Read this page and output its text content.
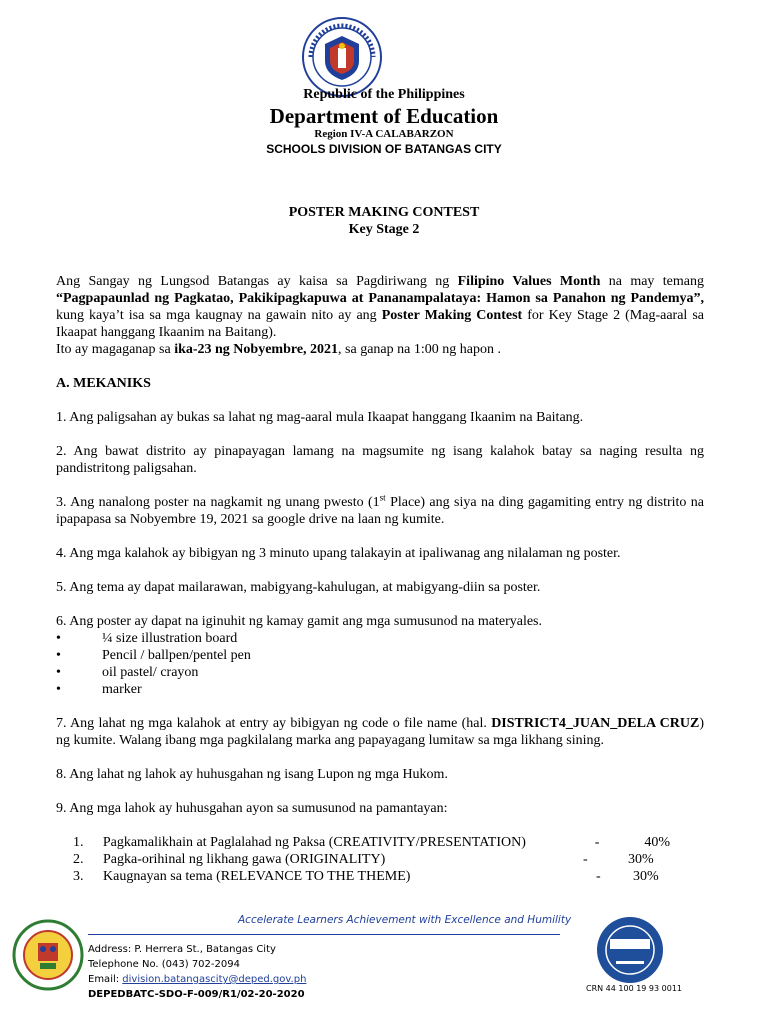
Republic of the Philippines
Department of Education
Region IV-A CALABARZON
SCHOOLS DIVISION OF BATANGAS CITY
POSTER MAKING CONTEST
Key Stage 2

Ang Sangay ng Lungsod Batangas ay kaisa sa Pagdiriwang ng Filipino Values Month na may temang “Pagpapaunlad ng Pagkatao, Pakikipagkapuwa at Pananampalataya: Hamon sa Panahon ng Pandemya”, kung kaya’t isa sa mga kaugnay na gawain nito ay ang Poster Making Contest for Key Stage 2 (Mag-aaral sa Ikaapat hanggang Ikaanim na Baitang).

Ito ay magaganap sa ika-23 ng Nobyembre, 2021, sa ganap na 1:00 ng hapon .

A. MEKANIKS

1. Ang paligsahan ay bukas sa lahat ng mag-aaral mula Ikaapat hanggang Ikaanim na Baitang.

2. Ang bawat distrito ay pinapayagan lamang na magsumite ng isang kalahok batay sa naging resulta ng pandistritong paligsahan.

3. Ang nanalong poster na nagkamit ng unang pwesto (1st Place) ang siya na ding gagamiting entry ng distrito na ipapapasa sa Nobyembre 19, 2021 sa google drive na laan ng kumite.

4. Ang mga kalahok ay bibigyan ng 3 minuto upang talakayin at ipaliwanag ang nilalaman ng poster.

5. Ang tema ay dapat mailarawan, mabigyang-kahulugan, at mabigyang-diin sa poster.

6. Ang poster ay dapat na iginuhit ng kamay gamit ang mga sumusunod na materyales.

•	¼ size illustration board
•	Pencil / ballpen/pentel pen
•	oil pastel/ crayon
•	marker

7. Ang lahat ng mga kalahok at entry ay bibigyan ng code o file name (hal. DISTRICT4_JUAN_DELA CRUZ) ng kumite. Walang ibang mga pagkilalang marka ang papayagang lumitaw sa mga likhang sining.

8. Ang lahat ng lahok ay huhusgahan ng isang Lupon ng mga Hukom.

9. Ang mga lahok ay huhusgahan ayon sa sumusunod na pamantayan:

1.	Pagkamalikhain at Paglalahad ng Paksa (CREATIVITY/PRESENTATION)	-	40%
2.	Pagka-orihinal ng likhang gawa (ORIGINALITY)	-	30%
3.	Kaugnayan sa tema (RELEVANCE TO THE THEME)	-	30%
Accelerate Learners Achievement with Excellence and Humility
Address: P. Herrera St., Batangas City
Telephone No. (043) 702-2094
Email: division.batangascity@deped.gov.ph
DEPEDBATC-SDO-F-009/R1/02-20-2020
CRN 44 100 19 93 0011
